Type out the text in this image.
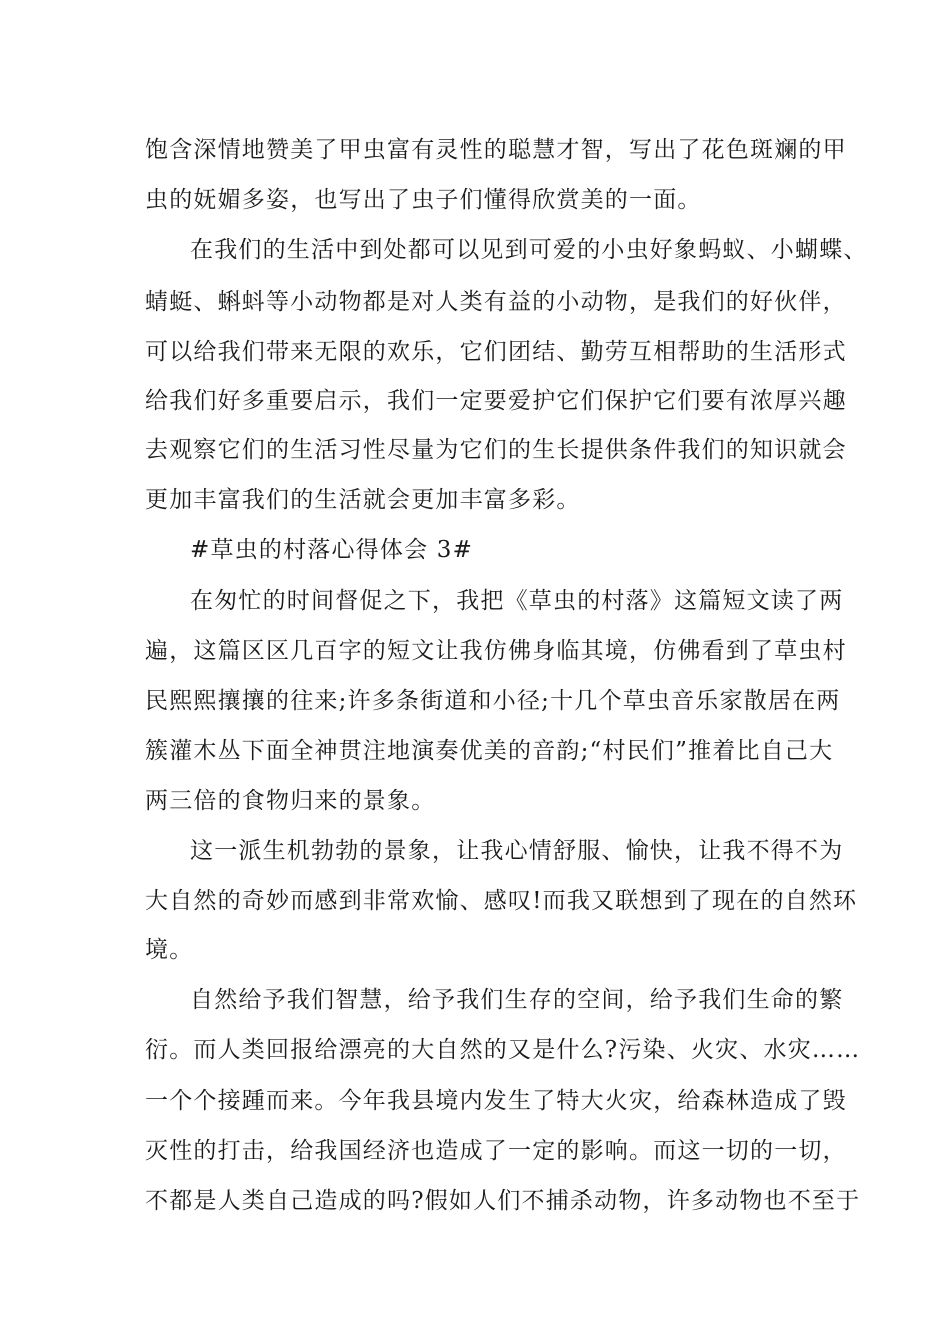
饱含深情地赞美了甲虫富有灵性的聪慧才智，写出了花色斑斓的甲
虫的妩媚多姿，也写出了虫子们懂得欣赏美的一面。
在我们的生活中到处都可以见到可爱的小虫好象蚂蚁、小蝴蝶、
蜻蜓、蝌蚪等小动物都是对人类有益的小动物，是我们的好伙伴，
可以给我们带来无限的欢乐，它们团结、勤劳互相帮助的生活形式
给我们好多重要启示，我们一定要爱护它们保护它们要有浓厚兴趣
去观察它们的生活习性尽量为它们的生长提供条件我们的知识就会
更加丰富我们的生活就会更加丰富多彩。
#草虫的村落心得体会 3#
在匆忙的时间督促之下，我把《草虫的村落》这篇短文读了两
遍，这篇区区几百字的短文让我仿佛身临其境，仿佛看到了草虫村
民熙熙攘攘的往来;许多条街道和小径;十几个草虫音乐家散居在两
簇灌木丛下面全神贯注地演奏优美的音韵;“村民们”推着比自己大
两三倍的食物归来的景象。
这一派生机勃勃的景象，让我心情舒服、愉快，让我不得不为
大自然的奇妙而感到非常欢愉、感叹!而我又联想到了现在的自然环
境。
自然给予我们智慧，给予我们生存的空间，给予我们生命的繁
衍。而人类回报给漂亮的大自然的又是什么?污染、火灾、水灾……
一个个接踵而来。今年我县境内发生了特大火灾，给森林造成了毁
灭性的打击，给我国经济也造成了一定的影响。而这一切的一切，
不都是人类自己造成的吗?假如人们不捕杀动物，许多动物也不至于
